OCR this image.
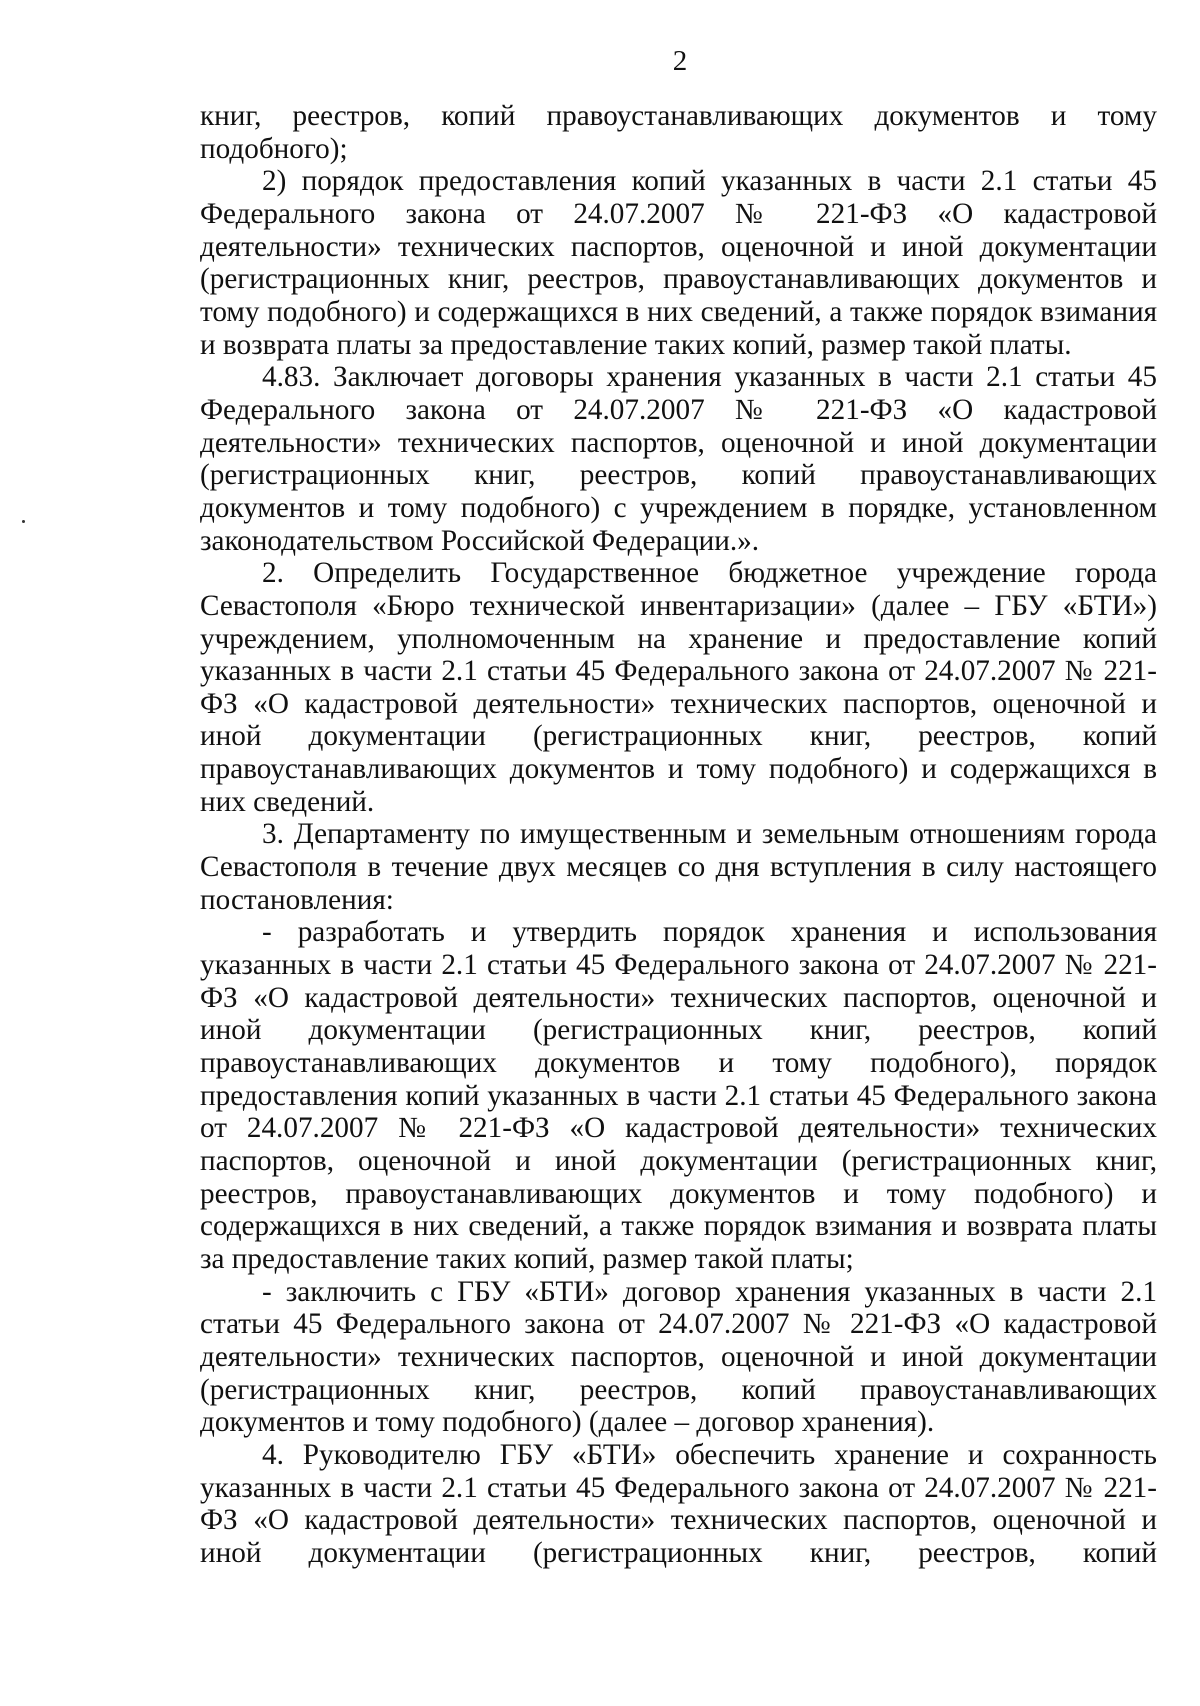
2

книг, реестров, копий правоустанавливающих документов и тому подобного);

2) порядок предоставления копий указанных в части 2.1 статьи 45 Федерального закона от 24.07.2007 № 221-ФЗ «О кадастровой деятельности» технических паспортов, оценочной и иной документации (регистрационных книг, реестров, правоустанавливающих документов и тому подобного) и содержащихся в них сведений, а также порядок взимания и возврата платы за предоставление таких копий, размер такой платы.

4.83. Заключает договоры хранения указанных в части 2.1 статьи 45 Федерального закона от 24.07.2007 № 221-ФЗ «О кадастровой деятельности» технических паспортов, оценочной и иной документации (регистрационных книг, реестров, копий правоустанавливающих документов и тому подобного) с учреждением в порядке, установленном законодательством Российской Федерации.».

2. Определить Государственное бюджетное учреждение города Севастополя «Бюро технической инвентаризации» (далее – ГБУ «БТИ») учреждением, уполномоченным на хранение и предоставление копий указанных в части 2.1 статьи 45 Федерального закона от 24.07.2007 № 221-ФЗ «О кадастровой деятельности» технических паспортов, оценочной и иной документации (регистрационных книг, реестров, копий правоустанавливающих документов и тому подобного) и содержащихся в них сведений.

3. Департаменту по имущественным и земельным отношениям города Севастополя в течение двух месяцев со дня вступления в силу настоящего постановления:

- разработать и утвердить порядок хранения и использования указанных в части 2.1 статьи 45 Федерального закона от 24.07.2007 № 221-ФЗ «О кадастровой деятельности» технических паспортов, оценочной и иной документации (регистрационных книг, реестров, копий правоустанавливающих документов и тому подобного), порядок предоставления копий указанных в части 2.1 статьи 45 Федерального закона от 24.07.2007 № 221-ФЗ «О кадастровой деятельности» технических паспортов, оценочной и иной документации (регистрационных книг, реестров, правоустанавливающих документов и тому подобного) и содержащихся в них сведений, а также порядок взимания и возврата платы за предоставление таких копий, размер такой платы;

- заключить с ГБУ «БТИ» договор хранения указанных в части 2.1 статьи 45 Федерального закона от 24.07.2007 № 221-ФЗ «О кадастровой деятельности» технических паспортов, оценочной и иной документации (регистрационных книг, реестров, копий правоустанавливающих документов и тому подобного) (далее – договор хранения).

4. Руководителю ГБУ «БТИ» обеспечить хранение и сохранность указанных в части 2.1 статьи 45 Федерального закона от 24.07.2007 № 221-ФЗ «О кадастровой деятельности» технических паспортов, оценочной и иной документации (регистрационных книг, реестров, копий
